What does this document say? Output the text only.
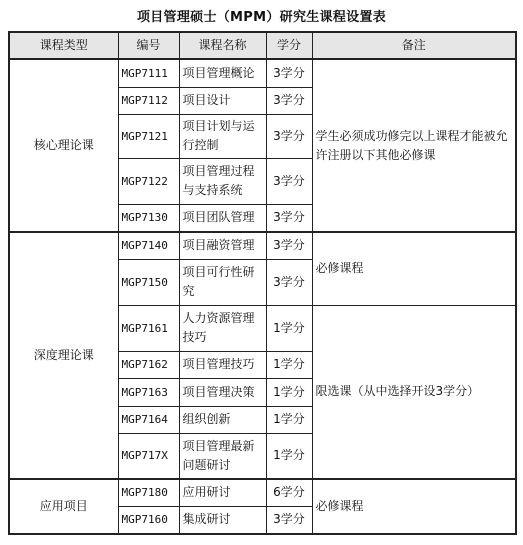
项目管理硕士（MPM）研究生课程设置表
课程类型	编号	课程名称	学分	备注
核心理论课	MGP7111	项目管理概论	3学分	学生必须成功修完以上课程才能被允许注册以下其他必修课
	MGP7112	项目设计	3学分	
	MGP7121	项目计划与运行控制	3学分	
	MGP7122	项目管理过程与支持系统	3学分	
	MGP7130	项目团队管理	3学分	
深度理论课	MGP7140	项目融资管理	3学分	必修课程
	MGP7150	项目可行性研究	3学分	
	MGP7161	人力资源管理技巧	1学分	限选课（从中选择开设3学分）
	MGP7162	项目管理技巧	1学分	
	MGP7163	项目管理决策	1学分	
	MGP7164	组织创新	1学分	
	MGP717X	项目管理最新问题研讨	1学分	
应用项目	MGP7180	应用研讨	6学分	必修课程
	MGP7160	集成研讨	3学分	
